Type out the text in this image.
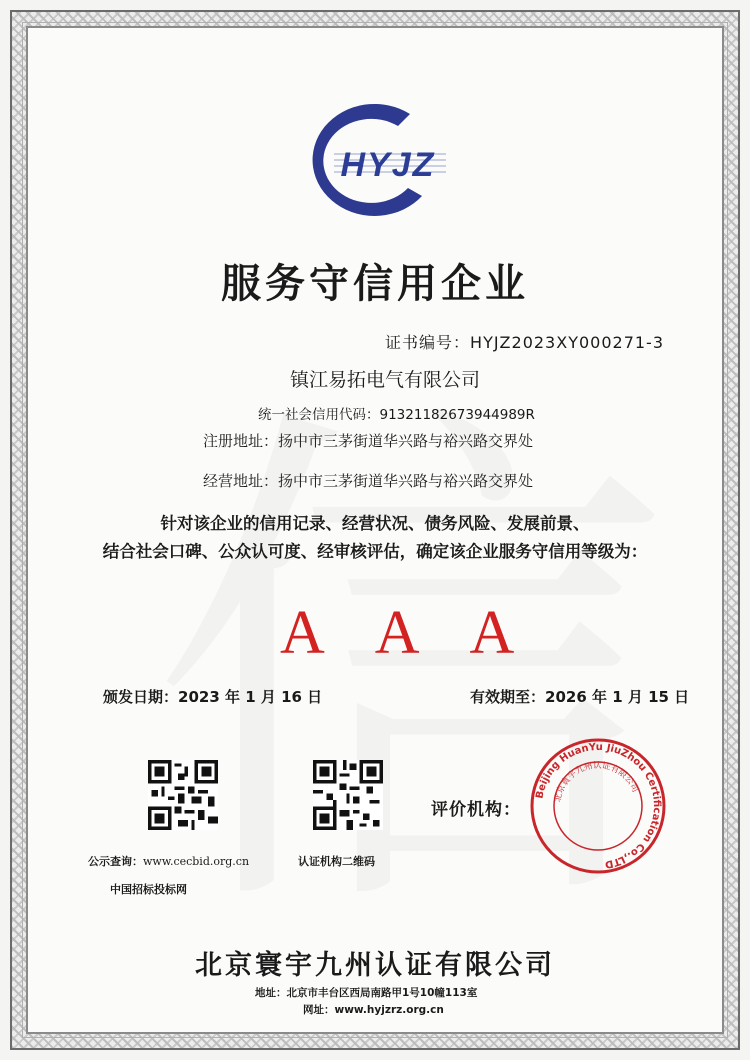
HYJZ
服务守信用企业
证书编号：HYJZ2023XY000271-3
镇江易拓电气有限公司
统一社会信用代码：91321182673944989R
注册地址：扬中市三茅街道华兴路与裕兴路交界处
经营地址：扬中市三茅街道华兴路与裕兴路交界处
针对该企业的信用记录、经营状况、债务风险、发展前景、
结合社会口碑、公众认可度、经审核评估，确定该企业服务守信用等级为：
AAA
颁发日期：2023 年 1 月 16 日	有效期至：2026 年 1 月 15 日
公示查询：www.cecbid.org.cn
中国招标投标网
认证机构二维码
评价机构：
Beijing HuanYu JiuZhou Certification Co.,LTD
北京寰宇九州认证有限公司
北京寰宇九州认证有限公司
地址：北京市丰台区西局南路甲1号10幢113室
网址：www.hyjzrz.org.cn
